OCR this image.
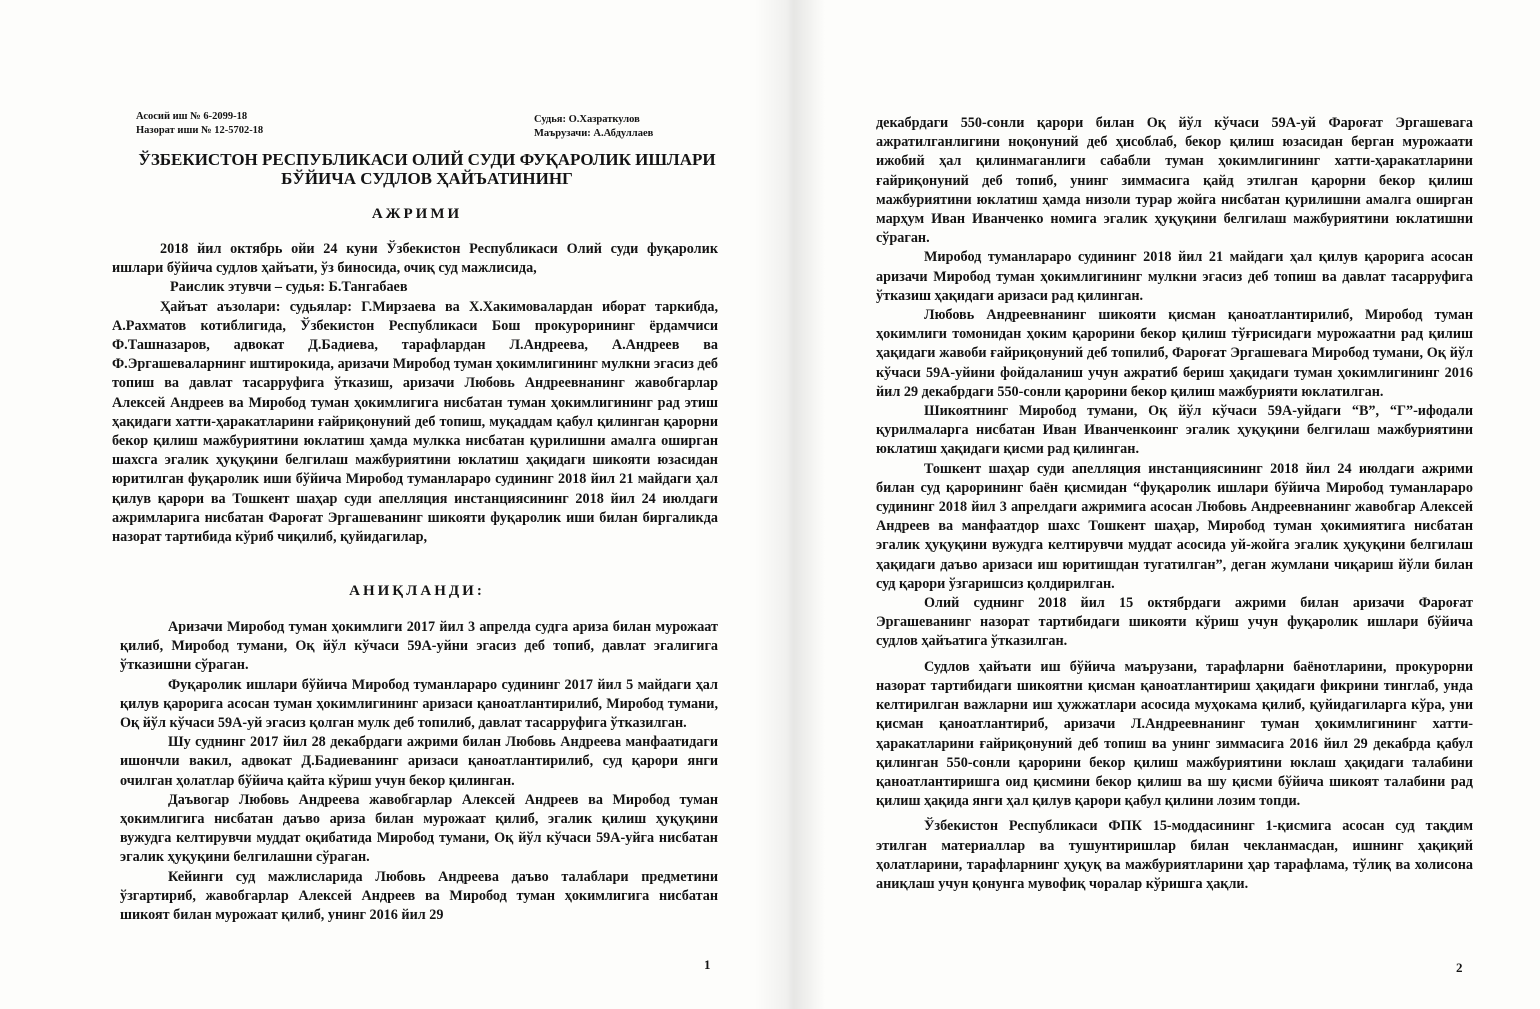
Асосий иш № 6-2099-18
Назорат иши № 12-5702-18
Судья: О.Хазраткулов
Маърузачи: А.Абдуллаев
ЎЗБЕКИСТОН РЕСПУБЛИКАСИ ОЛИЙ СУДИ ФУҚАРОЛИК ИШЛАРИ
БЎЙИЧА СУДЛОВ ҲАЙЪАТИНИНГ
АЖРИМИ

2018 йил октябрь ойи 24 куни Ўзбекистон Республикаси Олий суди фуқаролик ишлари бўйича судлов ҳайъати, ўз биносида, очиқ суд мажлисида,

Раислик этувчи – судья: Б.Тангабаев

Ҳайъат аъзолари: судьялар: Г.Мирзаева ва Х.Хакимовалардан иборат таркибда, А.Рахматов котиблигида, Ўзбекистон Республикаси Бош прокурорининг ёрдамчиси Ф.Ташназаров, адвокат Д.Бадиева, тарафлардан Л.Андреева, А.Андреев ва Ф.Эргашеваларнинг иштирокида, аризачи Миробод туман ҳокимлигининг мулкни эгасиз деб топиш ва давлат тасарруфига ўтказиш, аризачи Любовь Андреевнанинг жавобгарлар Алексей Андреев ва Миробод туман ҳокимлигига нисбатан туман ҳокимлигининг рад этиш ҳақидаги хатти-ҳаракатларини ғайриқонуний деб топиш, муқаддам қабул қилинган қарорни бекор қилиш мажбуриятини юклатиш ҳамда мулкка нисбатан қурилишни амалга оширган шахсга эгалик ҳуқуқини белгилаш мажбуриятини юклатиш ҳақидаги шикояти юзасидан юритилган фуқаролик иши бўйича Миробод туманлараро судининг 2018 йил 21 майдаги ҳал қилув қарори ва Тошкент шаҳар суди апелляция инстанциясининг 2018 йил 24 июлдаги ажримларига нисбатан Фароғат Эргашеванинг шикояти фуқаролик иши билан биргаликда назорат тартибида кўриб чиқилиб, қуйидагилар,

АНИҚЛАНДИ:

Аризачи Миробод туман ҳокимлиги 2017 йил 3 апрелда судга ариза билан мурожаат қилиб, Миробод тумани, Оқ йўл кўчаси 59А-уйни эгасиз деб топиб, давлат эгалигига ўтказишни сўраган.

Фуқаролик ишлари бўйича Миробод туманлараро судининг 2017 йил 5 майдаги ҳал қилув қарорига асосан туман ҳокимлигининг аризаси қаноатлантирилиб, Миробод тумани, Оқ йўл кўчаси 59А-уй эгасиз қолган мулк деб топилиб, давлат тасарруфига ўтказилган.

Шу суднинг 2017 йил 28 декабрдаги ажрими билан Любовь Андреева манфаатидаги ишончли вакил, адвокат Д.Бадиеванинг аризаси қаноатлантирилиб, суд қарори янги очилган ҳолатлар бўйича қайта кўриш учун бекор қилинган.

Даъвогар Любовь Андреева жавобгарлар Алексей Андреев ва Миробод туман ҳокимлигига нисбатан даъво ариза билан мурожаат қилиб, эгалик қилиш ҳуқуқини вужудга келтирувчи муддат оқибатида Миробод тумани, Оқ йўл кўчаси 59А-уйга нисбатан эгалик ҳуқуқини белгилашни сўраган.

Кейинги суд мажлисларида Любовь Андреева даъво талаблари предметини ўзгартириб, жавобгарлар Алексей Андреев ва Миробод туман ҳокимлигига нисбатан шикоят билан мурожаат қилиб, унинг 2016 йил 29

1

декабрдаги 550-сонли қарори билан Оқ йўл кўчаси 59А-уй Фароғат Эргашевага ажратилганлигини ноқонуний деб ҳисоблаб, бекор қилиш юзасидан берган мурожаати ижобий ҳал қилинмаганлиги сабабли туман ҳокимлигининг хатти-ҳаракатларини ғайриқонуний деб топиб, унинг зиммасига қайд этилган қарорни бекор қилиш мажбуриятини юклатиш ҳамда низоли турар жойга нисбатан қурилишни амалга оширган марҳум Иван Иванченко номига эгалик ҳуқуқини белгилаш мажбуриятини юклатишни сўраган.

Миробод туманлараро судининг 2018 йил 21 майдаги ҳал қилув қарорига асосан аризачи Миробод туман ҳокимлигининг мулкни эгасиз деб топиш ва давлат тасарруфига ўтказиш ҳақидаги аризаси рад қилинган.

Любовь Андреевнанинг шикояти қисман қаноатлантирилиб, Миробод туман ҳокимлиги томонидан ҳоким қарорини бекор қилиш тўғрисидаги мурожаатни рад қилиш ҳақидаги жавоби ғайриқонуний деб топилиб, Фароғат Эргашевага Миробод тумани, Оқ йўл кўчаси 59А-уйини фойдаланиш учун ажратиб бериш ҳақидаги туман ҳокимлигининг 2016 йил 29 декабрдаги 550-сонли қарорини бекор қилиш мажбурияти юклатилган.

Шикоятнинг Миробод тумани, Оқ йўл кўчаси 59А-уйдаги “В”, “Г”-ифодали қурилмаларга нисбатан Иван Иванченкоинг эгалик ҳуқуқини белгилаш мажбуриятини юклатиш ҳақидаги қисми рад қилинган.

Тошкент шаҳар суди апелляция инстанциясининг 2018 йил 24 июлдаги ажрими билан суд қарорининг баён қисмидан “фуқаролик ишлари бўйича Миробод туманлараро судининг 2018 йил 3 апрелдаги ажримига асосан Любовь Андреевнанинг жавобгар Алексей Андреев ва манфаатдор шахс Тошкент шаҳар, Миробод туман ҳокимиятига нисбатан эгалик ҳуқуқини вужудга келтирувчи муддат асосида уй-жойга эгалик ҳуқуқини белгилаш ҳақидаги даъво аризаси иш юритишдан тугатилган”, деган жумлани чиқариш йўли билан суд қарори ўзгаришсиз қолдирилган.

Олий суднинг 2018 йил 15 октябрдаги ажрими билан аризачи Фароғат Эргашеванинг назорат тартибидаги шикояти кўриш учун фуқаролик ишлари бўйича судлов ҳайъатига ўтказилган.

Судлов ҳайъати иш бўйича маърузани, тарафларни баёнотларини, прокурорни назорат тартибидаги шикоятни қисман қаноатлантириш ҳақидаги фикрини тинглаб, унда келтирилган важларни иш ҳужжатлари асосида муҳокама қилиб, қуйидагиларга кўра, уни қисман қаноатлантириб, аризачи Л.Андреевнанинг туман ҳокимлигининг хатти-ҳаракатларини ғайриқонуний деб топиш ва унинг зиммасига 2016 йил 29 декабрда қабул қилинган 550-сонли қарорини бекор қилиш мажбуриятини юклаш ҳақидаги талабини қаноатлантиришга оид қисмини бекор қилиш ва шу қисми бўйича шикоят талабини рад қилиш ҳақида янги ҳал қилув қарори қабул қилини лозим топди.

Ўзбекистон Республикаси ФПК 15-моддасининг 1-қисмига асосан суд тақдим этилган материаллар ва тушунтиришлар билан чекланмасдан, ишнинг ҳақиқий ҳолатларини, тарафларнинг ҳуқуқ ва мажбуриятларини ҳар тарафлама, тўлиқ ва холисона аниқлаш учун қонунга мувофиқ чоралар кўришга ҳақли.

2
